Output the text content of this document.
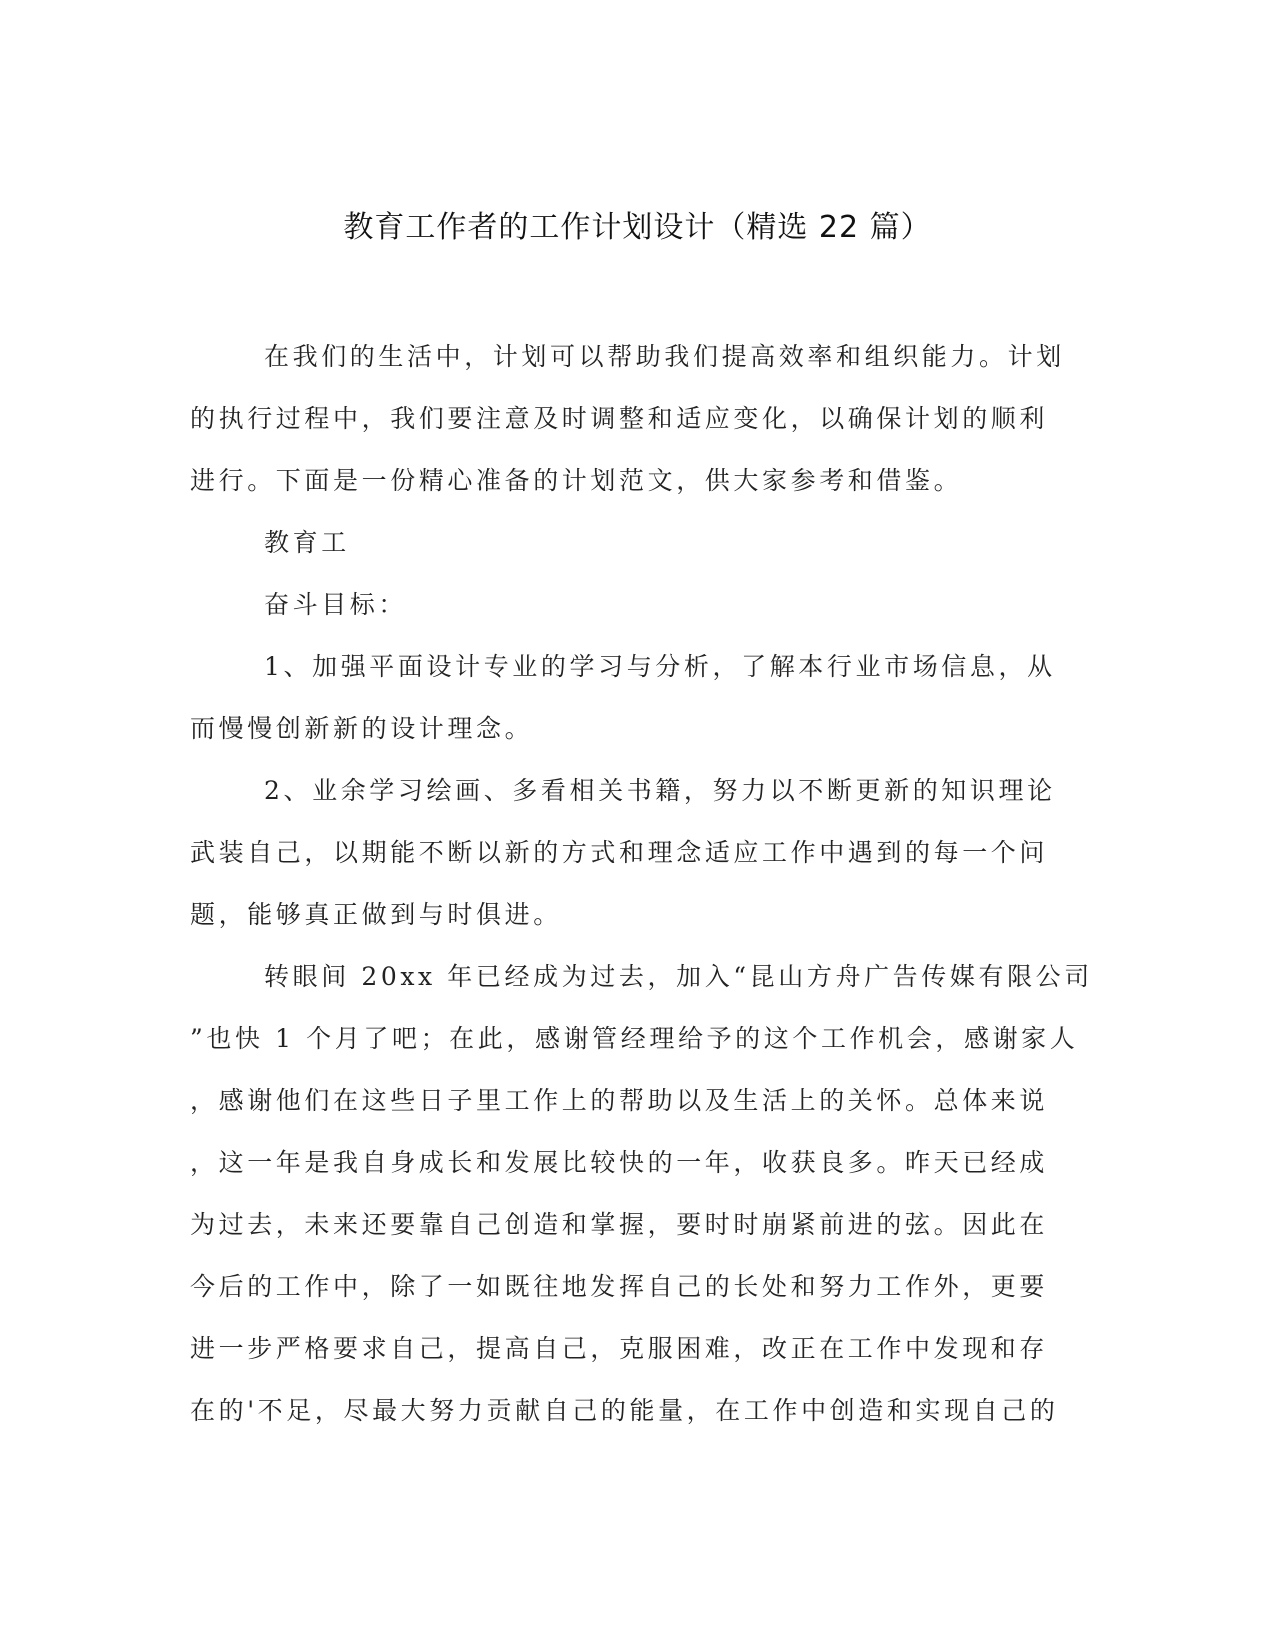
教育工作者的工作计划设计（精选 22 篇）
在我们的生活中，计划可以帮助我们提高效率和组织能力。计划
的执行过程中，我们要注意及时调整和适应变化，以确保计划的顺利
进行。下面是一份精心准备的计划范文，供大家参考和借鉴。
教育工
奋斗目标：
1、加强平面设计专业的学习与分析，了解本行业市场信息，从
而慢慢创新新的设计理念。
2、业余学习绘画、多看相关书籍，努力以不断更新的知识理论
武装自己，以期能不断以新的方式和理念适应工作中遇到的每一个问
题，能够真正做到与时俱进。
转眼间 20xx 年已经成为过去，加入“昆山方舟广告传媒有限公司
”也快 1 个月了吧；在此，感谢管经理给予的这个工作机会，感谢家人
，感谢他们在这些日子里工作上的帮助以及生活上的关怀。总体来说
，这一年是我自身成长和发展比较快的一年，收获良多。昨天已经成
为过去，未来还要靠自己创造和掌握，要时时崩紧前进的弦。因此在
今后的工作中，除了一如既往地发挥自己的长处和努力工作外，更要
进一步严格要求自己，提高自己，克服困难，改正在工作中发现和存
在的'不足，尽最大努力贡献自己的能量，在工作中创造和实现自己的
